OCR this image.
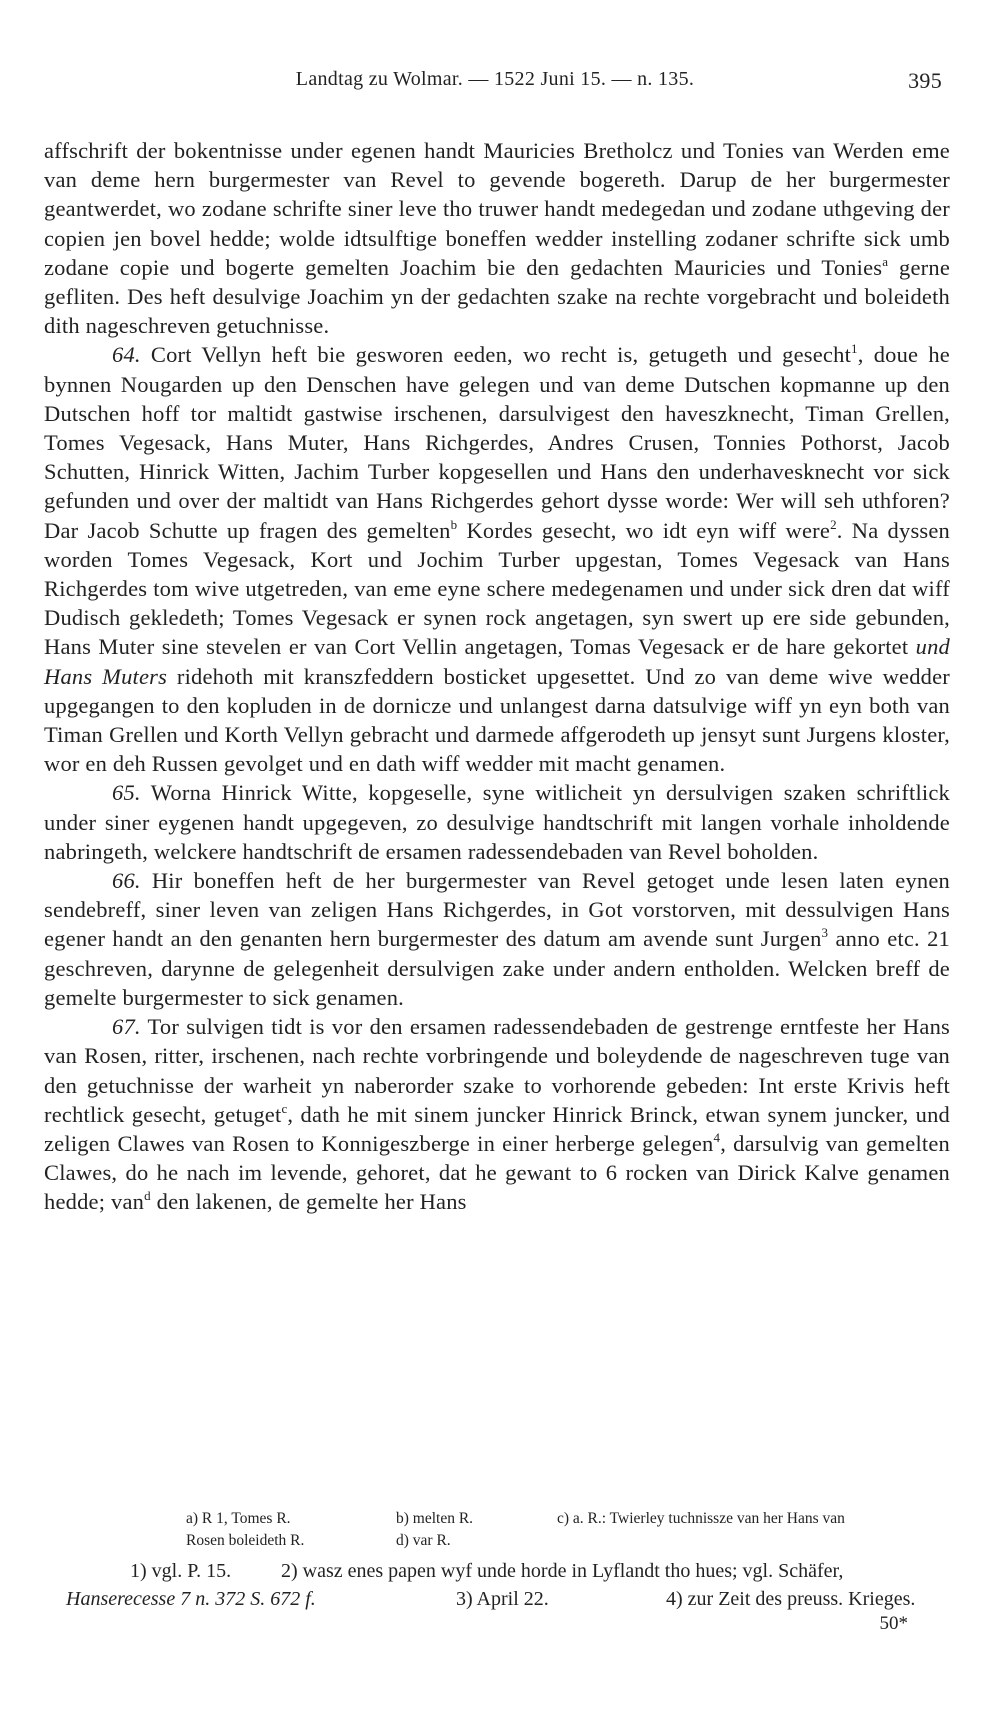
Landtag zu Wolmar. — 1522 Juni 15. — n. 135.	395

affschrift der bokentnisse under egenen handt Mauricies Bretholcz und Tonies van Werden eme van deme hern burgermester van Revel to gevende bogereth. Darup de her burgermester geantwerdet, wo zodane schrifte siner leve tho truwer handt medegedan und zodane uthgeving der copien jen bovel hedde; wolde idtsulftige boneffen wedder instelling zodaner schrifte sick umb zodane copie und bogerte gemelten Joachim bie den gedachten Mauricies und Tonies$^a$ gerne gefliten. Des heft desulvige Joachim yn der gedachten szake na rechte vorgebracht und boleideth dith nageschreven getuchnisse.

64. Cort Vellyn heft bie gesworen eeden, wo recht is, getugeth und gesecht$^1$, doue he bynnen Nougarden up den Denschen have gelegen und van deme Dutschen kopmanne up den Dutschen hoff tor maltidt gastwise irschenen, darsulvigest den haveszknecht, Timan Grellen, Tomes Vegesack, Hans Muter, Hans Richgerdes, Andres Crusen, Tonnies Pothorst, Jacob Schutten, Hinrick Witten, Jachim Turber kopgesellen und Hans den underhavesknecht vor sick gefunden und over der maltidt van Hans Richgerdes gehort dysse worde: Wer will seh uthforen? Dar Jacob Schutte up fragen des gemelten$^b$ Kordes gesecht, wo idt eyn wiff were$^2$. Na dyssen worden Tomes Vegesack, Kort und Jochim Turber upgestan, Tomes Vegesack van Hans Richgerdes tom wive utgetreden, van eme eyne schere medegenamen und under sick dren dat wiff Dudisch gekledeth; Tomes Vegesack er synen rock angetagen, syn swert up ere side gebunden, Hans Muter sine stevelen er van Cort Vellin angetagen, Tomas Vegesack er de hare gekortet und Hans Muters ridehoth mit kranszfeddern bosticket upgesettet. Und zo van deme wive wedder upgegangen to den kopluden in de dornicze und unlangest darna datsulvige wiff yn eyn both van Timan Grellen und Korth Vellyn gebracht und darmede affgerodeth up jensyt sunt Jurgens kloster, wor en deh Russen gevolget und en dath wiff wedder mit macht genamen.

65. Worna Hinrick Witte, kopgeselle, syne witlicheit yn dersulvigen szaken schriftlick under siner eygenen handt upgegeven, zo desulvige handtschrift mit langen vorhale inholdende nabringeth, welckere handtschrift de ersamen radessendebaden van Revel boholden.

66. Hir boneffen heft de her burgermester van Revel getoget unde lesen laten eynen sendebreff, siner leven van zeligen Hans Richgerdes, in Got vorstorven, mit dessulvigen Hans egener handt an den genanten hern burgermester des datum am avende sunt Jurgen$^3$ anno etc. 21 geschreven, darynne de gelegenheit dersulvigen zake under andern entholden. Welcken breff de gemelte burgermester to sick genamen.

67. Tor sulvigen tidt is vor den ersamen radessendebaden de gestrenge erntfeste her Hans van Rosen, ritter, irschenen, nach rechte vorbringende und boleydende de nageschreven tuge van den getuchnisse der warheit yn naberorder szake to vorhorende gebeden: Int erste Krivis heft rechtlick gesecht, getuget$^c$, dath he mit sinem juncker Hinrick Brinck, etwan synem juncker, und zeligen Clawes van Rosen to Konnigeszberge in einer herberge gelegen$^4$, darsulvig van gemelten Clawes, do he nach im levende, gehoret, dat he gewant to 6 rocken van Dirick Kalve genamen hedde; van$^d$ den lakenen, de gemelte her Hans

a) R 1, Tomes R.	b) melten R.	c) a. R.: Twierley tuchnissze van her Hans van
Rosen boleideth R.	d) var R.
1) vgl. P. 15. 2) wasz enes papen wyf unde horde in Lyflandt tho hues; vgl. Schäfer,
Hanserecesse 7 n. 372 S. 672 f.	3) April 22.	4) zur Zeit des preuss. Krieges.
50*
